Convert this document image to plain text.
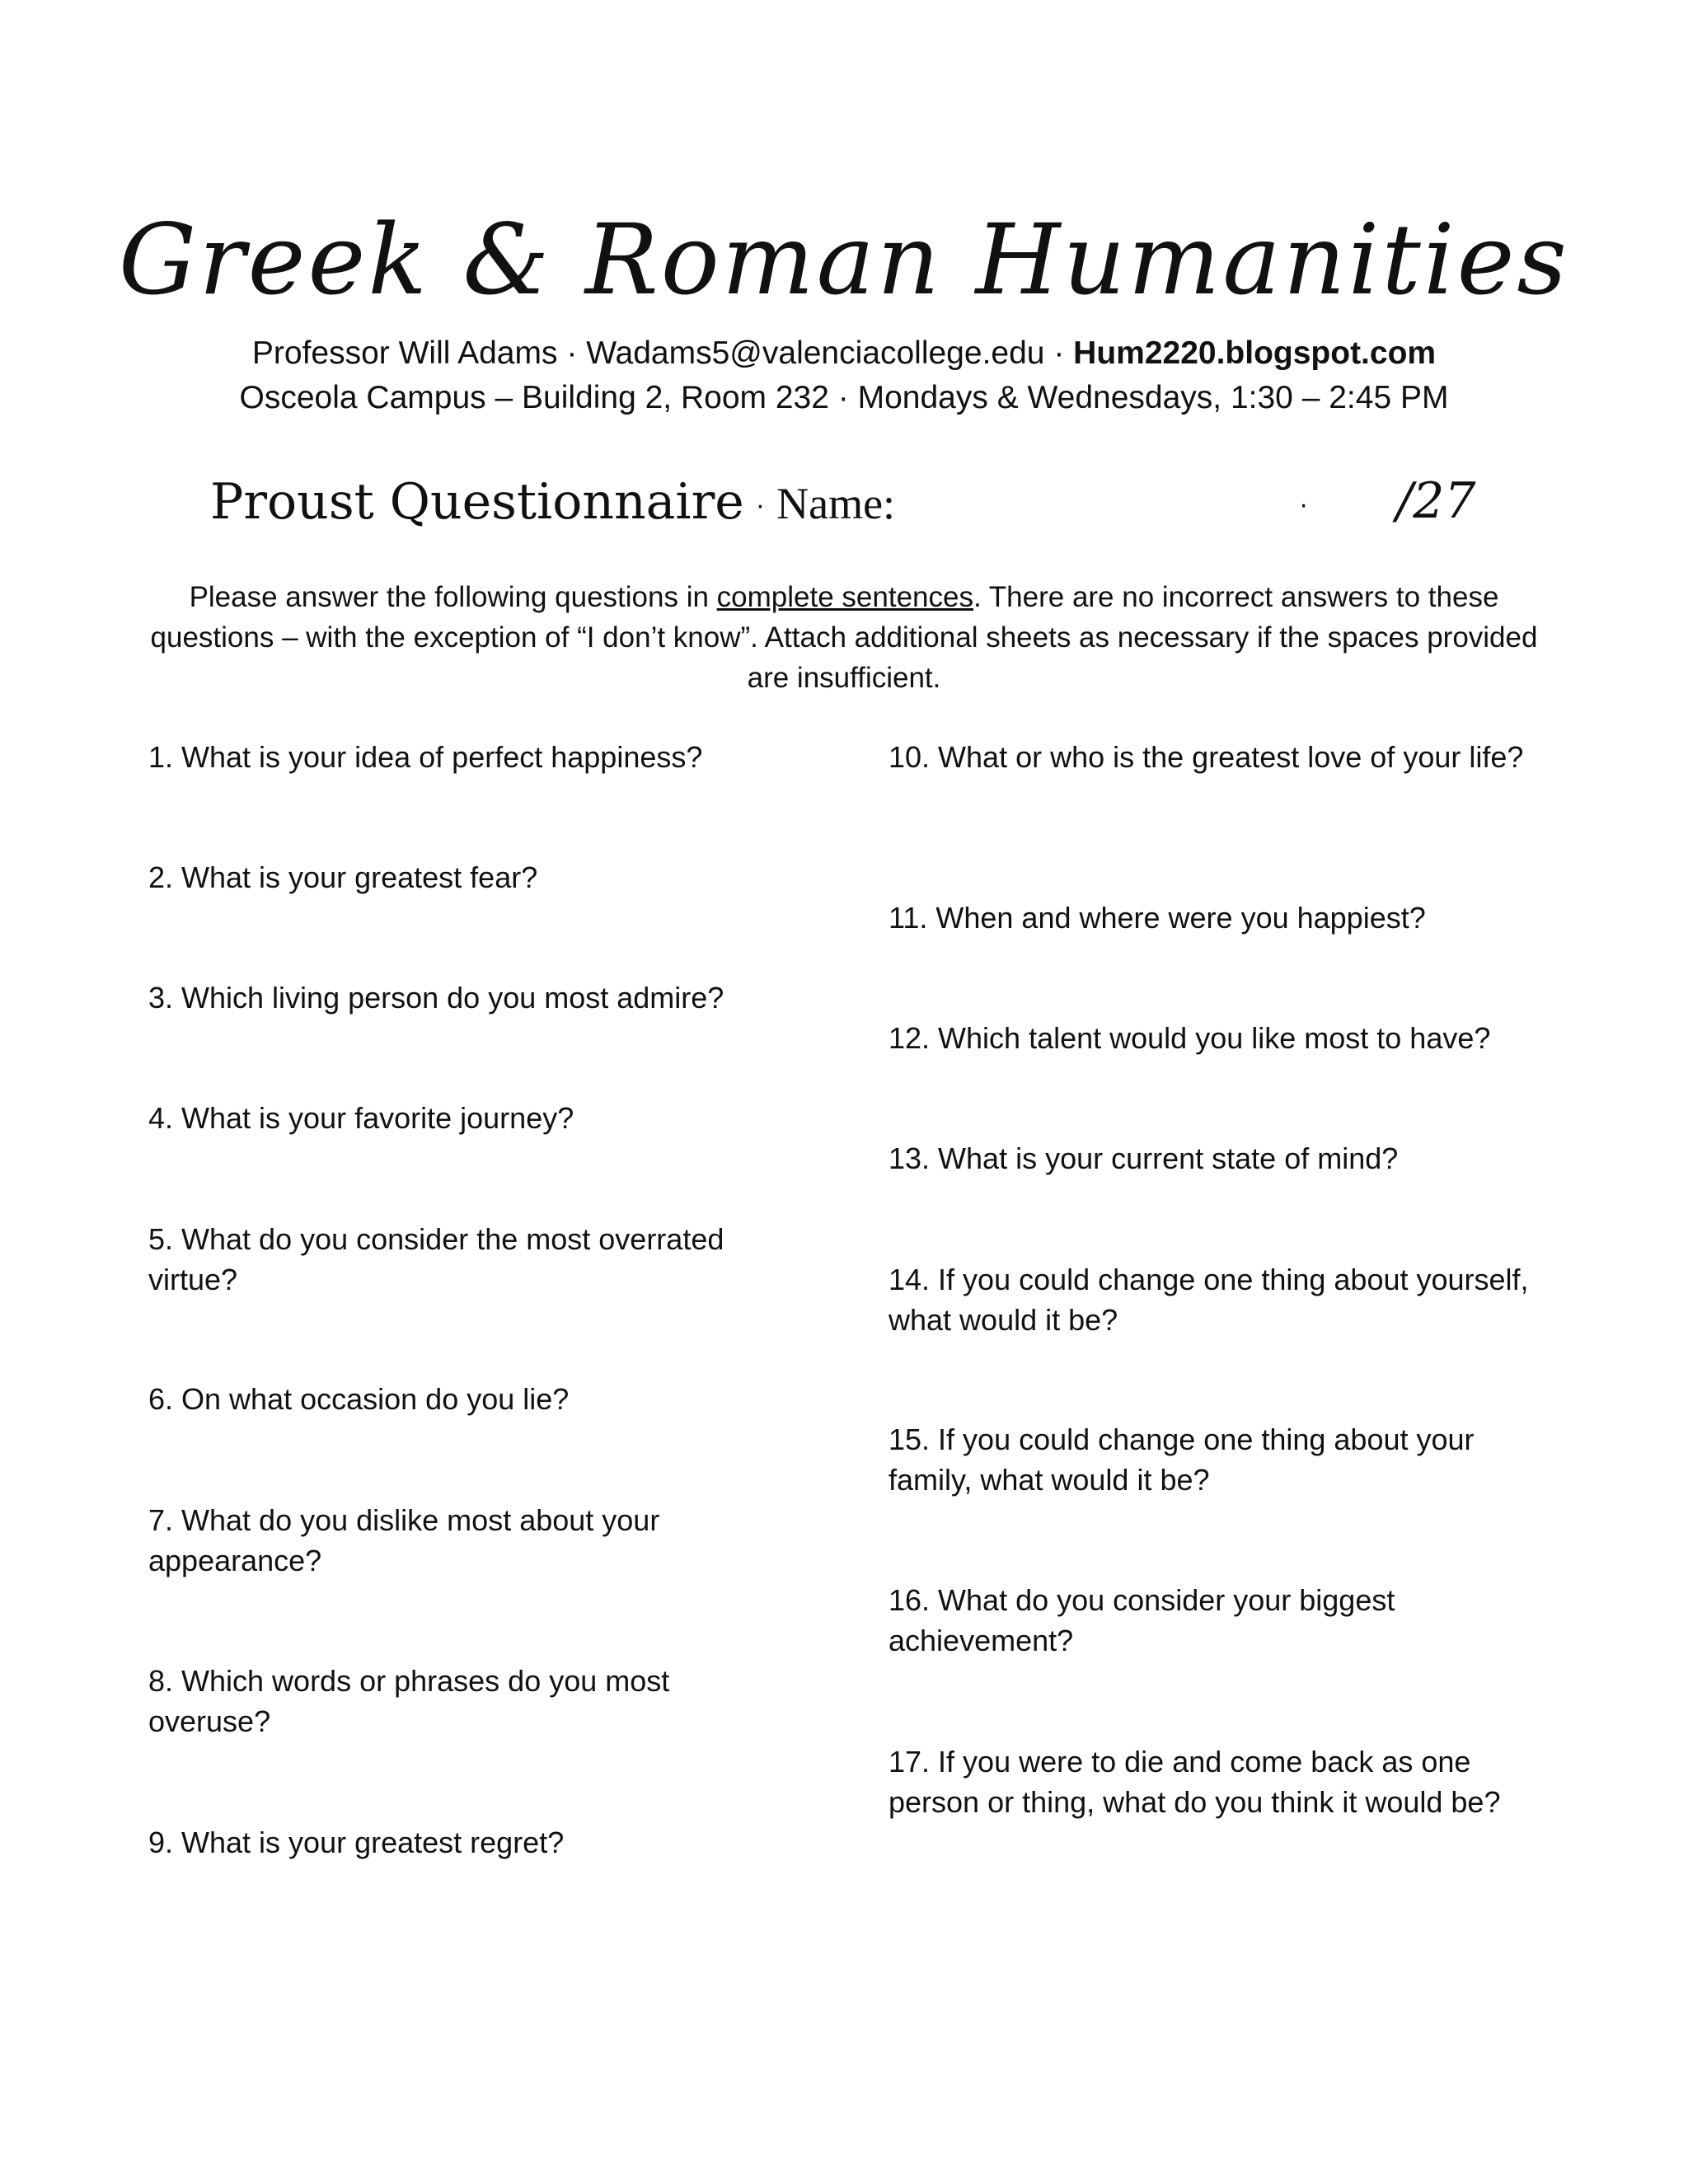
Greek & Roman Humanities
Professor Will Adams · Wadams5@valenciacollege.edu · Hum2220.blogspot.com
Osceola Campus – Building 2, Room 232 · Mondays & Wednesdays, 1:30 – 2:45 PM
Proust Questionnaire · Name:	· /27
Please answer the following questions in complete sentences. There are no incorrect answers to these questions – with the exception of “I don’t know”. Attach additional sheets as necessary if the spaces provided are insufficient.
1. What is your idea of perfect happiness?
2. What is your greatest fear?
3. Which living person do you most admire?
4. What is your favorite journey?
5. What do you consider the most overrated virtue?
6. On what occasion do you lie?
7. What do you dislike most about your appearance?
8. Which words or phrases do you most overuse?
9. What is your greatest regret?
10. What or who is the greatest love of your life?
11. When and where were you happiest?
12. Which talent would you like most to have?
13. What is your current state of mind?
14. If you could change one thing about yourself, what would it be?
15. If you could change one thing about your family, what would it be?
16. What do you consider your biggest achievement?
17. If you were to die and come back as one person or thing, what do you think it would be?
